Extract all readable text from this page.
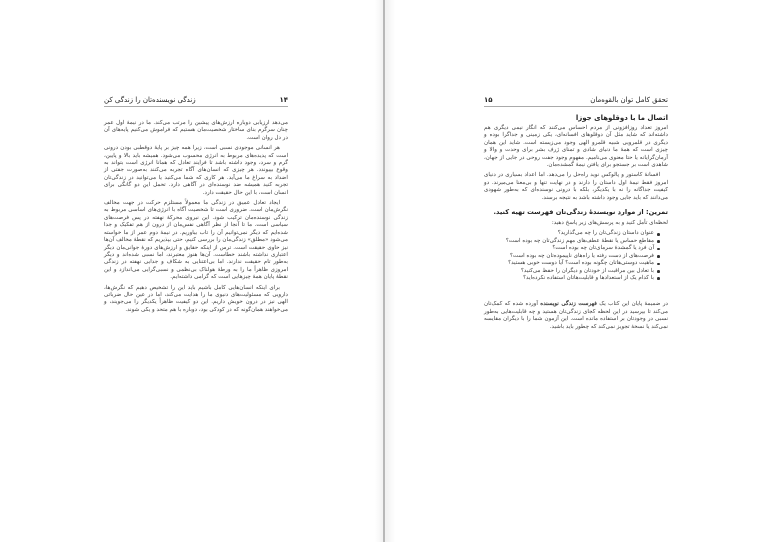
۱۴
زندگی نویسنده‌تان را زندگی کن

می‌دهد ارزیابی دوباره ارزش‌های پیشین را مرتب می‌کند. ما در نیمهٔ اول عمر چنان سرگرم بنای ساختار شخصیت‌مان هستیم که فراموش می‌کنیم پایه‌های آن در دل روان است.

هر انسانی موجودی نسبی است، زیرا همه چیز بر پایهٔ دوقطبی بودن درونی است که پدیده‌های مربوط به انرژی محسوب می‌شود. همیشه باید بالا و پایین، گرم و سرد، وجود داشته باشد تا فرایند تعادل که همانا انرژی است بتواند به وقوع بپیوندد. هر چیزی که انسان‌های آگاه تجربه می‌کنند به‌صورت جفتی از اضداد به سراغ ما می‌آید. هر کاری که شما می‌کنید یا می‌توانید در زندگی‌تان تجربه کنید همیشه ضد نوسنده‌ای در آگاهی دارد. تحمل این دو گانگی برای انسان است، با این حال حقیقت دارد.

ایجاد تعادل عمیق در زندگی ما معمولاً مستلزم حرکت در جهت مخالف نگرش‌مان است. ضروری است تا شخصیت آگاه با انرژی‌های اساسی مربوط به زندگی نوسنده‌مان ترکیب شود. این نیروی محرکهٔ نهفته در پس فرصت‌های سیاسی است. ما تا آنجا از نظر آگاهی نفس‌مان از درون از هم تفکیک و جدا شده‌ایم که دیگر نمی‌توانیم آن را تاب بیاوریم. در نیمهٔ دوم عمر از ما خواسته می‌شود «مطلق» زندگی‌مان را بررسی کنیم، حتی بپذیریم که نقطهٔ مخالف آن‌ها نیز حاوی حقیقت است. ترس از اینکه حقایق و ارزش‌های دورهٔ جوانی‌مان دیگر اعتباری نداشته باشند خطاست. آن‌ها هنوز معتبرند، اما نسبی شده‌اند و دیگر به‌طور تام حقیقت ندارند. اما بی‌اعتنایی به شکاف و جدایی نهفته در زندگی امروزی ظاهراً ما را به ورطهٔ هولناک بی‌نظمی و نسبی‌گرایی می‌اندازد و این نقطهٔ پایان همهٔ چیزهایی است که گرامی داشته‌ایم.

برای اینکه انسان‌هایی کامل باشیم باید این را تشخیص دهیم که نگرش‌ها، دارویی که مسئولیت‌های دنیوی ما را هدایت می‌کند، اما در عین حال ضرباتی الهی نیز در درون خویش داریم. این دو کیفیت ظاهراً یکدیگر را می‌جویند، و می‌خواهند همان‌گونه که در کودکی بود، دوباره با هم متحد و یکی شوند.

تحقق کامل توان بالقوه‌مان
۱۵
اتصال ما با دوقلوهای جوزا

امروز تعداد روزافزونی از مردم احساس می‌کنند که انگار نیمی دیگری هم داشته‌اند که شاید مثل آن دوقلوهای افسانه‌ای، یکی زمینی و جداگرا بوده و دیگری در قلمرویی شبیه قلمرو الهی وجود می‌زیسته است. شاید این همان چیزی است که همهٔ ما دنیای شادی و تمنای ژرف بشر برای وحدت و والا و آرمان‌گرایانه یا حتا معنوی می‌نامیم. مفهوم وجود جفت روحی در جایی از جهان، شاهدی است بر جستجو برای یافتن نیمهٔ گمشده‌مان.

افسانهٔ کاستور و پالوکس نوید راه‌حل را می‌دهد. اما اعداد بسیاری در دنیای امروز فقط نیمهٔ اول داستان را دارند و در نهایت تنها و بی‌معنا می‌میرند. دو کیفیت جداگانه را نه با یکدیگر، بلکه با درونی نوسنده‌ای که به‌طور شهودی می‌دانند که باید جایی وجود داشته باشد به نتیجه برسند.

تمرین: از موارد نویسندهٔ زندگی‌تان فهرست تهیه کنید.

لحظه‌ای تأمل کنید و به پرسش‌های زیر پاسخ دهید:

عنوان داستان زندگی‌تان را چه می‌گذارید؟
مقاطع حساس یا نقطهٔ عطف‌های مهم زندگی‌تان چه بوده است؟
آن فرد یا گمشدهٔ سرمای‌تان چه بوده است؟
فرصت‌های از دست رفته یا راه‌های ناپیموده‌تان چه بوده است؟
ماهیت دوستی‌هاتان چگونه بوده است؟ آیا دوست خوبی هستید؟
با تعادل بین مراقبت از خودتان و دیگران را حفظ می‌کنید؟
با کدام یک از استعدادها و قابلیت‌هاتان استفاده نکرده‌اید؟

در ضمیمهٔ پایان این کتاب یک فهرست زندگی نویسنده آورده شده که کمک‌تان می‌کند تا بپرسید در این لحظه کجای زندگی‌تان هستید و چه قابلیت‌هایی به‌طور نسبی در وجودتان بر استفاده مانده است. این آزمون شما را با دیگران مقایسه نمی‌کند یا نسخهٔ تجویز نمی‌کند که چطور باید باشید.
